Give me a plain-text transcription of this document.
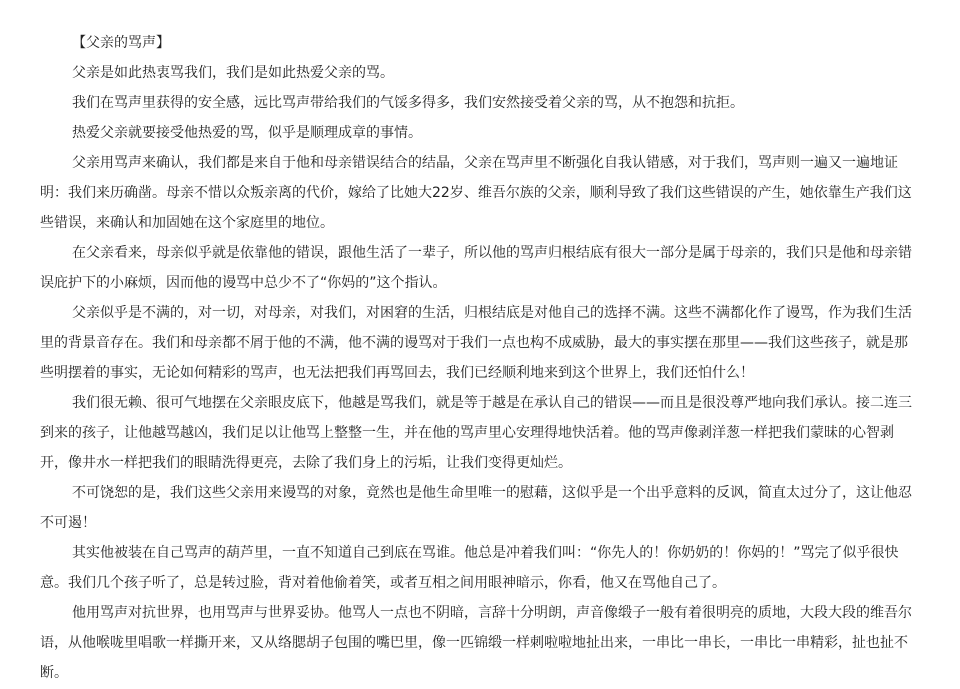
【父亲的骂声】
父亲是如此热衷骂我们，我们是如此热爱父亲的骂。
我们在骂声里获得的安全感，远比骂声带给我们的气馁多得多，我们安然接受着父亲的骂，从不抱怨和抗拒。
热爱父亲就要接受他热爱的骂，似乎是顺理成章的事情。
父亲用骂声来确认，我们都是来自于他和母亲错误结合的结晶，父亲在骂声里不断强化自我认错感，对于我们，骂声则一遍又一遍地证
明：我们来历确凿。母亲不惜以众叛亲离的代价，嫁给了比她大22岁、维吾尔族的父亲，顺利导致了我们这些错误的产生，她依靠生产我们这
些错误，来确认和加固她在这个家庭里的地位。
在父亲看来，母亲似乎就是依靠他的错误，跟他生活了一辈子，所以他的骂声归根结底有很大一部分是属于母亲的，我们只是他和母亲错
误庇护下的小麻烦，因而他的谩骂中总少不了“你妈的”这个指认。
父亲似乎是不满的，对一切，对母亲，对我们，对困窘的生活，归根结底是对他自己的选择不满。这些不满都化作了谩骂，作为我们生活
里的背景音存在。我们和母亲都不屑于他的不满，他不满的谩骂对于我们一点也构不成威胁，最大的事实摆在那里——我们这些孩子，就是那
些明摆着的事实，无论如何精彩的骂声，也无法把我们再骂回去，我们已经顺利地来到这个世界上，我们还怕什么！
我们很无赖、很可气地摆在父亲眼皮底下，他越是骂我们，就是等于越是在承认自己的错误——而且是很没尊严地向我们承认。接二连三
到来的孩子，让他越骂越凶，我们足以让他骂上整整一生，并在他的骂声里心安理得地快活着。他的骂声像剥洋葱一样把我们蒙昧的心智剥
开，像井水一样把我们的眼睛洗得更亮，去除了我们身上的污垢，让我们变得更灿烂。
不可饶恕的是，我们这些父亲用来谩骂的对象，竟然也是他生命里唯一的慰藉，这似乎是一个出乎意料的反讽，简直太过分了，这让他忍
不可遏！
其实他被装在自己骂声的葫芦里，一直不知道自己到底在骂谁。他总是冲着我们叫：“你先人的！你奶奶的！你妈的！”骂完了似乎很快
意。我们几个孩子听了，总是转过脸，背对着他偷着笑，或者互相之间用眼神暗示，你看，他又在骂他自己了。
他用骂声对抗世界，也用骂声与世界妥协。他骂人一点也不阴暗，言辞十分明朗，声音像缎子一般有着很明亮的质地，大段大段的维吾尔
语，从他喉咙里唱歌一样撕开来，又从络腮胡子包围的嘴巴里，像一匹锦缎一样刺啦啦地扯出来，一串比一串长，一串比一串精彩，扯也扯不
断。
